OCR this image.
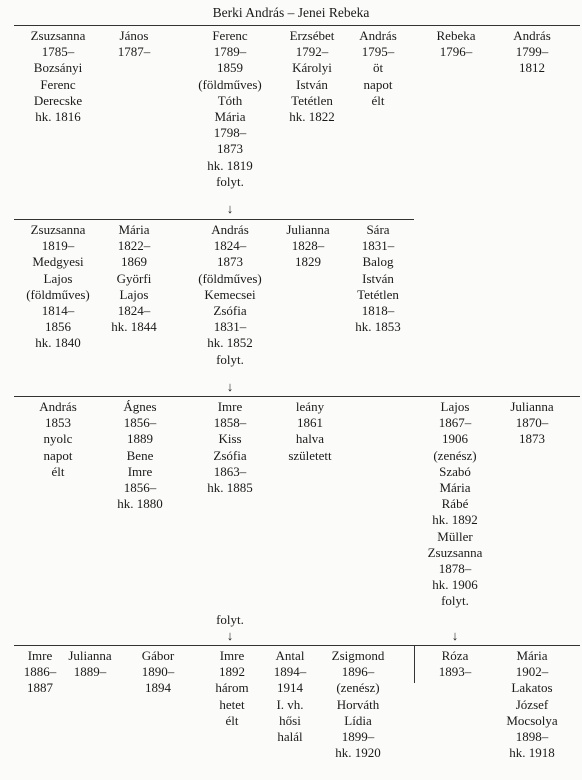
Berki András – Jenei Rebeka
Zsuzsanna
1785–
Bozsányi
Ferenc
Derecske
hk. 1816
János
1787–
Ferenc
1789–
1859
(földműves)
Tóth
Mária
1798–
1873
hk. 1819
folyt.
Erzsébet
1792–
Károlyi
István
Tetétlen
hk. 1822
András
1795–
öt
napot
élt
Rebeka
1796–
András
1799–
1812
↓
Zsuzsanna
1819–
Medgyesi
Lajos
(földműves)
1814–
1856
hk. 1840
Mária
1822–
1869
Györfi
Lajos
1824–
hk. 1844
András
1824–
1873
(földműves)
Kemecsei
Zsófia
1831–
hk. 1852
folyt.
Julianna
1828–
1829
Sára
1831–
Balog
István
Tetétlen
1818–
hk. 1853
↓
András
1853
nyolc
napot
élt
Ágnes
1856–
1889
Bene
Imre
1856–
hk. 1880
Imre
1858–
Kiss
Zsófia
1863–
hk. 1885
leány
1861
halva
született
Lajos
1867–
1906
(zenész)
Szabó
Mária
Rábé
hk. 1892
Müller
Zsuzsanna
1878–
hk. 1906
folyt.
Julianna
1870–
1873
folyt.
↓	↓
Imre
1886–
1887
Julianna
1889–
Gábor
1890–
1894
Imre
1892
három
hetet
élt
Antal
1894–
1914
I. vh.
hősi
halál
Zsigmond
1896–
(zenész)
Horváth
Lídia
1899–
hk. 1920
Róza
1893–
Mária
1902–
Lakatos
József
Mocsolya
1898–
hk. 1918
